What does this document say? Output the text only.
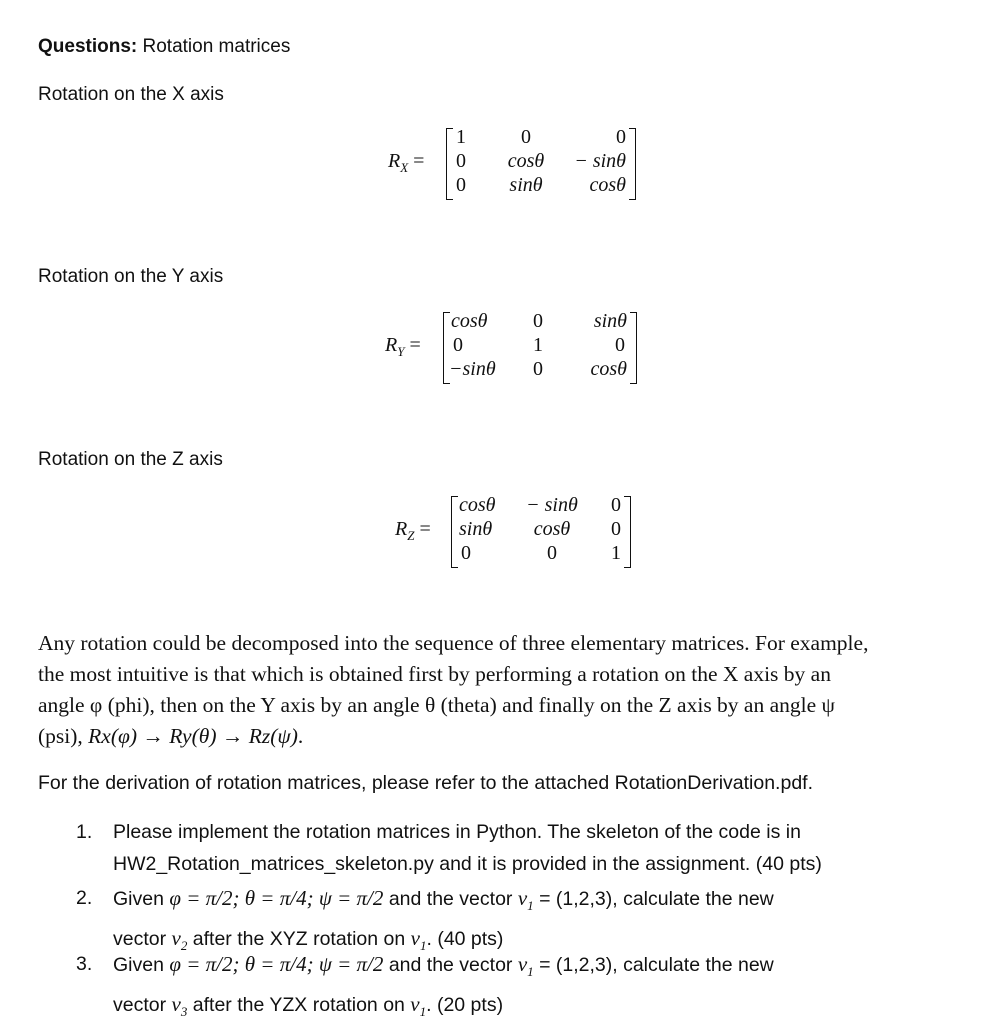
Questions: Rotation matrices
Rotation on the X axis
$R_X$ =
1	0	0
0	cosθ	− sinθ
0	sinθ	cosθ
Rotation on the Y axis
$R_Y$ =
cosθ	0	sinθ
0	1	0
−sinθ	0	cosθ
Rotation on the Z axis
$R_Z$ =
cosθ	− sinθ	0
sinθ	cosθ	0
0	0	1
Any rotation could be decomposed into the sequence of three elementary matrices. For example,
the most intuitive is that which is obtained first by performing a rotation on the X axis by an
angle φ (phi), then on the Y axis by an angle θ (theta) and finally on the Z axis by an angle ψ
(psi), Rx(φ) → Ry(θ) → Rz(ψ).
For the derivation of rotation matrices, please refer to the attached RotationDerivation.pdf.
1.	Please implement the rotation matrices in Python. The skeleton of the code is in
HW2_Rotation_matrices_skeleton.py and it is provided in the assignment. (40 pts)
2.	Given φ = π/2; θ = π/4; ψ = π/2 and the vector $v_1 = (1,2,3)$, calculate the new
vector $v_2$ after the XYZ rotation on $v_1$. (40 pts)
3.	Given φ = π/2; θ = π/4; ψ = π/2 and the vector $v_1 = (1,2,3)$, calculate the new
vector $v_3$ after the YZX rotation on $v_1$. (20 pts)
